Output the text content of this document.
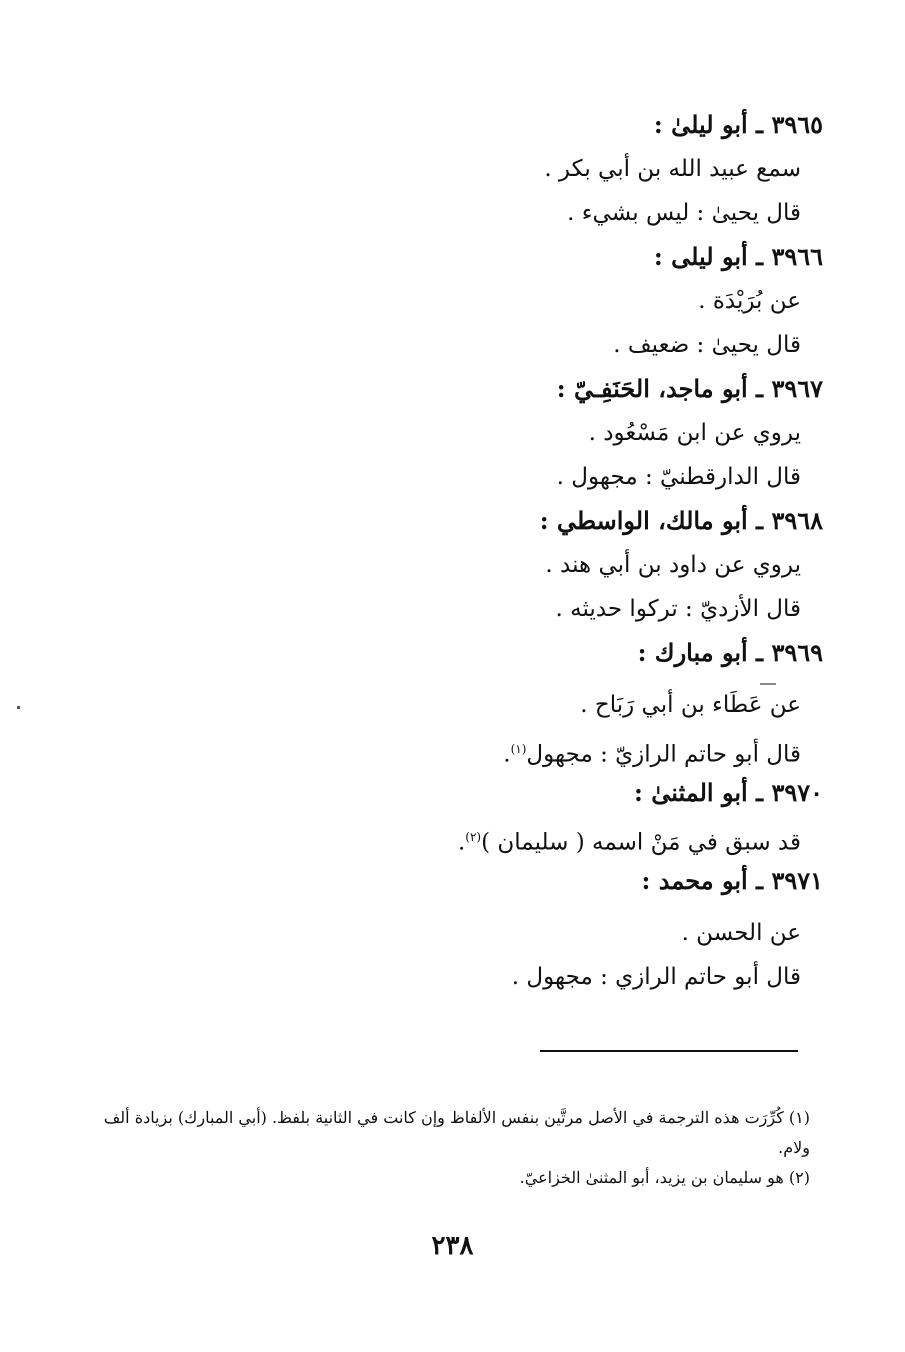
٣٩٦٥ ـ أبو ليلىٰ :

سمع عبيد الله بن أبي بكر .

قال يحيىٰ : ليس بشيء .

٣٩٦٦ ـ أبو ليلى :

عن بُرَيْدَة .

قال يحيىٰ : ضعيف .

٣٩٦٧ ـ أبو ماجد، الحَنَفِـيّ :

يروي عن ابن مَسْعُود .

قال الدارقطنيّ : مجهول .

٣٩٦٨ ـ أبو مالك، الواسطي :

يروي عن داود بن أبي هند .

قال الأزديّ : تركوا حديثه .

٣٩٦٩ ـ أبو مبارك :

عن عَطَاء بن أبي رَبَاح .

قال أبو حاتم الرازيّ : مجهول$^{(١)}$.

٣٩٧٠ ـ أبو المثنىٰ :

قد سبق في مَنْ اسمه ( سليمان )$^{(٢)}$.

٣٩٧١ ـ أبو محمد :

عن الحسن .

قال أبو حاتم الرازي : مجهول .

(١) كُرِّرَت هذه الترجمة في الأصل مرتَّين بنفس الألفاظ وإن كانت في الثانية بلفظ. (أبي المبارك) بزيادة ألف ولام.

(٢) هو سليمان بن يزيد، أبو المثنىٰ الخزاعيّ.

٢٣٨
